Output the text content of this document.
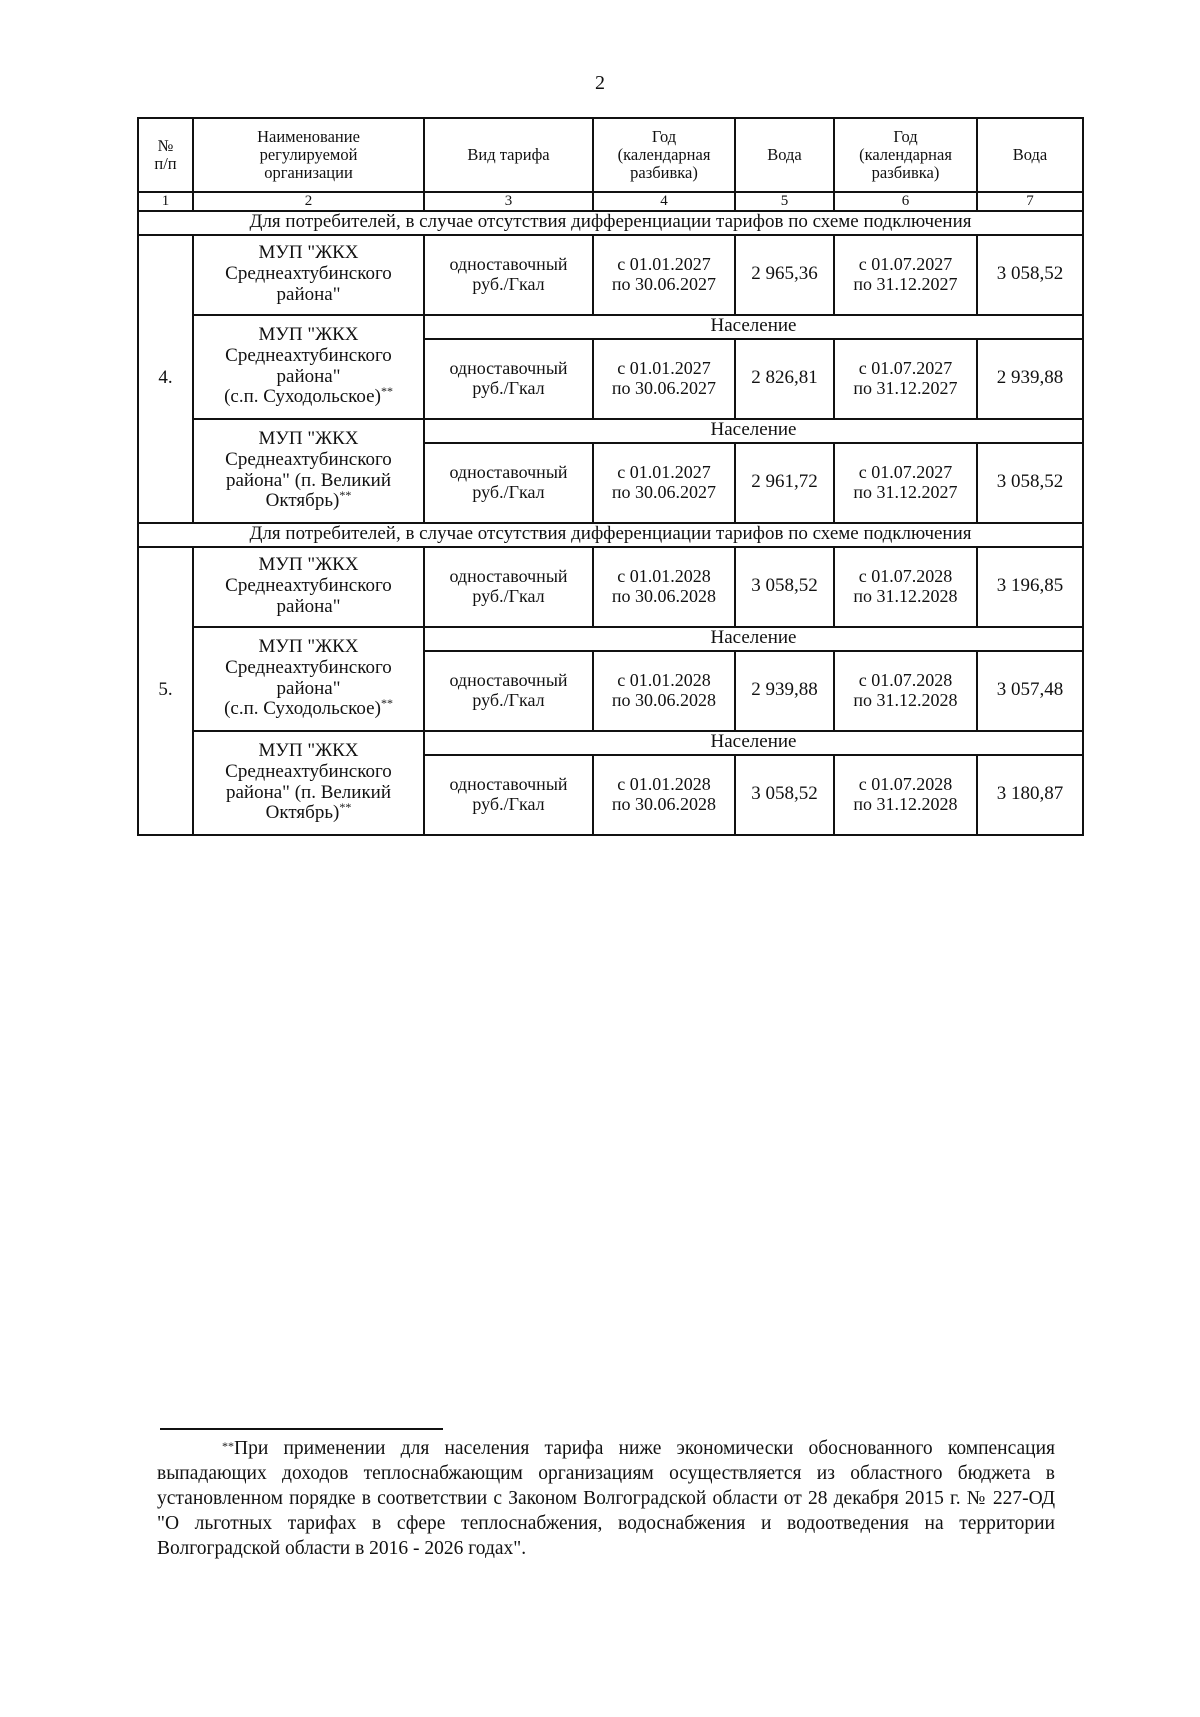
2
№
п/п	Наименование
регулируемой
организации	Вид тарифа	Год
(календарная
разбивка)	Вода	Год
(календарная
разбивка)	Вода
1	2	3	4	5	6	7
Для потребителей, в случае отсутствия дифференциации тарифов по схеме подключения						
4.	МУП "ЖКХ
Среднеахтубинского
района"	одноставочный
руб./Гкал	с 01.01.2027
по 30.06.2027	2 965,36	с 01.07.2027
по 31.12.2027	3 058,52
	МУП "ЖКХ
Среднеахтубинского
района"
(с.п. Суходольское)**	Население				
		одноставочный
руб./Гкал	с 01.01.2027
по 30.06.2027	2 826,81	с 01.07.2027
по 31.12.2027	2 939,88
	МУП "ЖКХ
Среднеахтубинского
района" (п. Великий
Октябрь)**	Население				
		одноставочный
руб./Гкал	с 01.01.2027
по 30.06.2027	2 961,72	с 01.07.2027
по 31.12.2027	3 058,52
Для потребителей, в случае отсутствия дифференциации тарифов по схеме подключения						
5.	МУП "ЖКХ
Среднеахтубинского
района"	одноставочный
руб./Гкал	с 01.01.2028
по 30.06.2028	3 058,52	с 01.07.2028
по 31.12.2028	3 196,85
	МУП "ЖКХ
Среднеахтубинского
района"
(с.п. Суходольское)**	Население				
		одноставочный
руб./Гкал	с 01.01.2028
по 30.06.2028	2 939,88	с 01.07.2028
по 31.12.2028	3 057,48
	МУП "ЖКХ
Среднеахтубинского
района" (п. Великий
Октябрь)**	Население				
		одноставочный
руб./Гкал	с 01.01.2028
по 30.06.2028	3 058,52	с 01.07.2028
по 31.12.2028	3 180,87
**При применении для населения тарифа ниже экономически обоснованного компенсация выпадающих доходов теплоснабжающим организациям осуществляется из областного бюджета в установленном порядке в соответствии с Законом Волгоградской области от 28 декабря 2015 г. № 227-ОД "О льготных тарифах в сфере теплоснабжения, водоснабжения и водоотведения на территории Волгоградской области в 2016 - 2026 годах".
